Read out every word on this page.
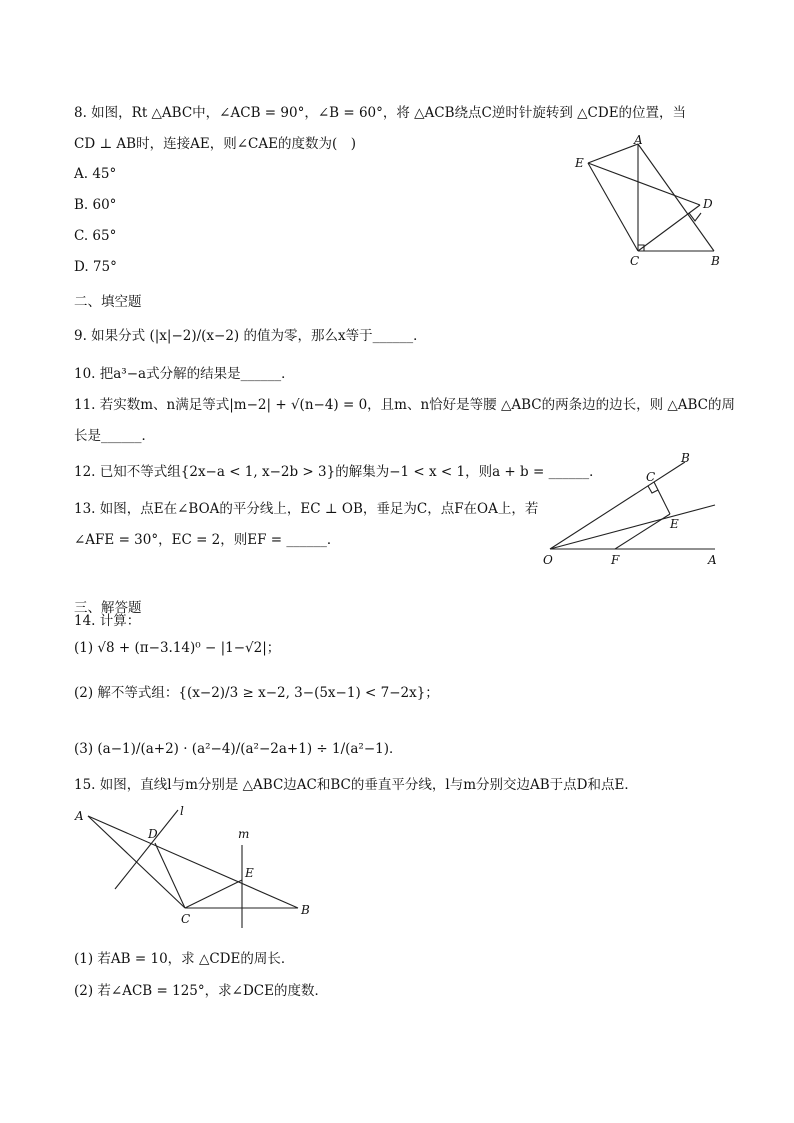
8. 如图，Rt △ABC中，∠ACB = 90°，∠B = 60°，将 △ACB绕点C逆时针旋转到 △CDE的位置，当
CD ⊥ AB时，连接AE，则∠CAE的度数为(　)
A. 45°
B. 60°
C. 65°
D. 75°
A
E
D
C	B
二、填空题
9. 如果分式 (|x|−2)/(x−2) 的值为零，那么x等于______．
10. 把a³−a式分解的结果是______．
11. 若实数m、n满足等式|m−2| + √(n−4) = 0，且m、n恰好是等腰 △ABC的两条边的边长，则 △ABC的周
长是______．
12. 已知不等式组{2x−a < 1, x−2b > 3}的解集为−1 < x < 1，则a + b = ______．
13. 如图，点E在∠BOA的平分线上，EC ⊥ OB，垂足为C，点F在OA上，若
∠AFE = 30°，EC = 2，则EF = ______．
B
C
E
O	F	A
三、解答题
14. 计算：
(1) √8 + (π−3.14)⁰ − |1−√2|；
(2) 解不等式组：{(x−2)/3 ≥ x−2, 3−(5x−1) < 7−2x}；
(3) (a−1)/(a+2) · (a²−4)/(a²−2a+1) ÷ 1/(a²−1)．
15. 如图，直线l与m分别是 △ABC边AC和BC的垂直平分线，l与m分别交边AB于点D和点E．
A
D
l
m
E
C
B
(1) 若AB = 10，求 △CDE的周长．
(2) 若∠ACB = 125°，求∠DCE的度数．
